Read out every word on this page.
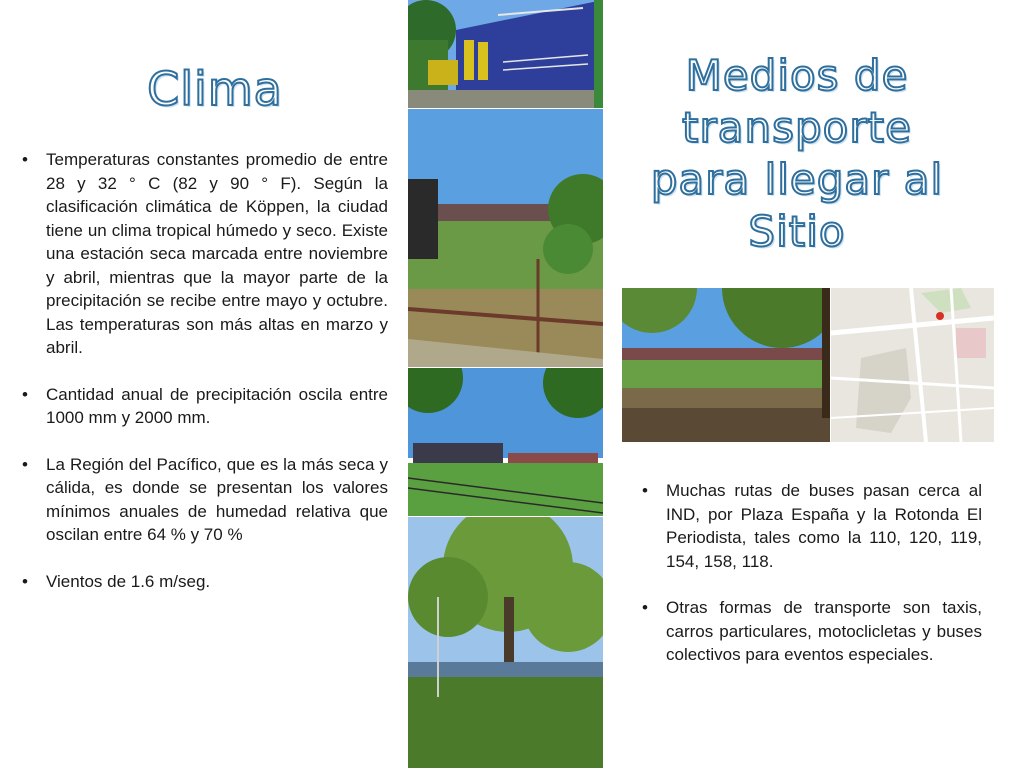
Clima
• Temperaturas constantes promedio de entre 28 y 32 ° C (82 y 90 ° F). Según la clasificación climática de Köppen, la ciudad tiene un clima tropical húmedo y seco. Existe una estación seca marcada entre noviembre y abril, mientras que la mayor parte de la precipitación se recibe entre mayo y octubre. Las temperaturas son más altas en marzo y abril.
• Cantidad anual de precipitación oscila entre 1000 mm y 2000 mm.
• La Región del Pacífico, que es la más seca y cálida, es donde se presentan los valores mínimos anuales de humedad relativa que oscilan entre 64 % y 70 %
• Vientos de 1.6 m/seg.
Medios de
transporte
para llegar al
Sitio
• Muchas rutas de buses pasan cerca al IND, por Plaza España y la Rotonda El Periodista, tales como la 110, 120, 119, 154, 158, 118.
• Otras formas de transporte son taxis, carros particulares, motoclicletas y buses colectivos para eventos especiales.
